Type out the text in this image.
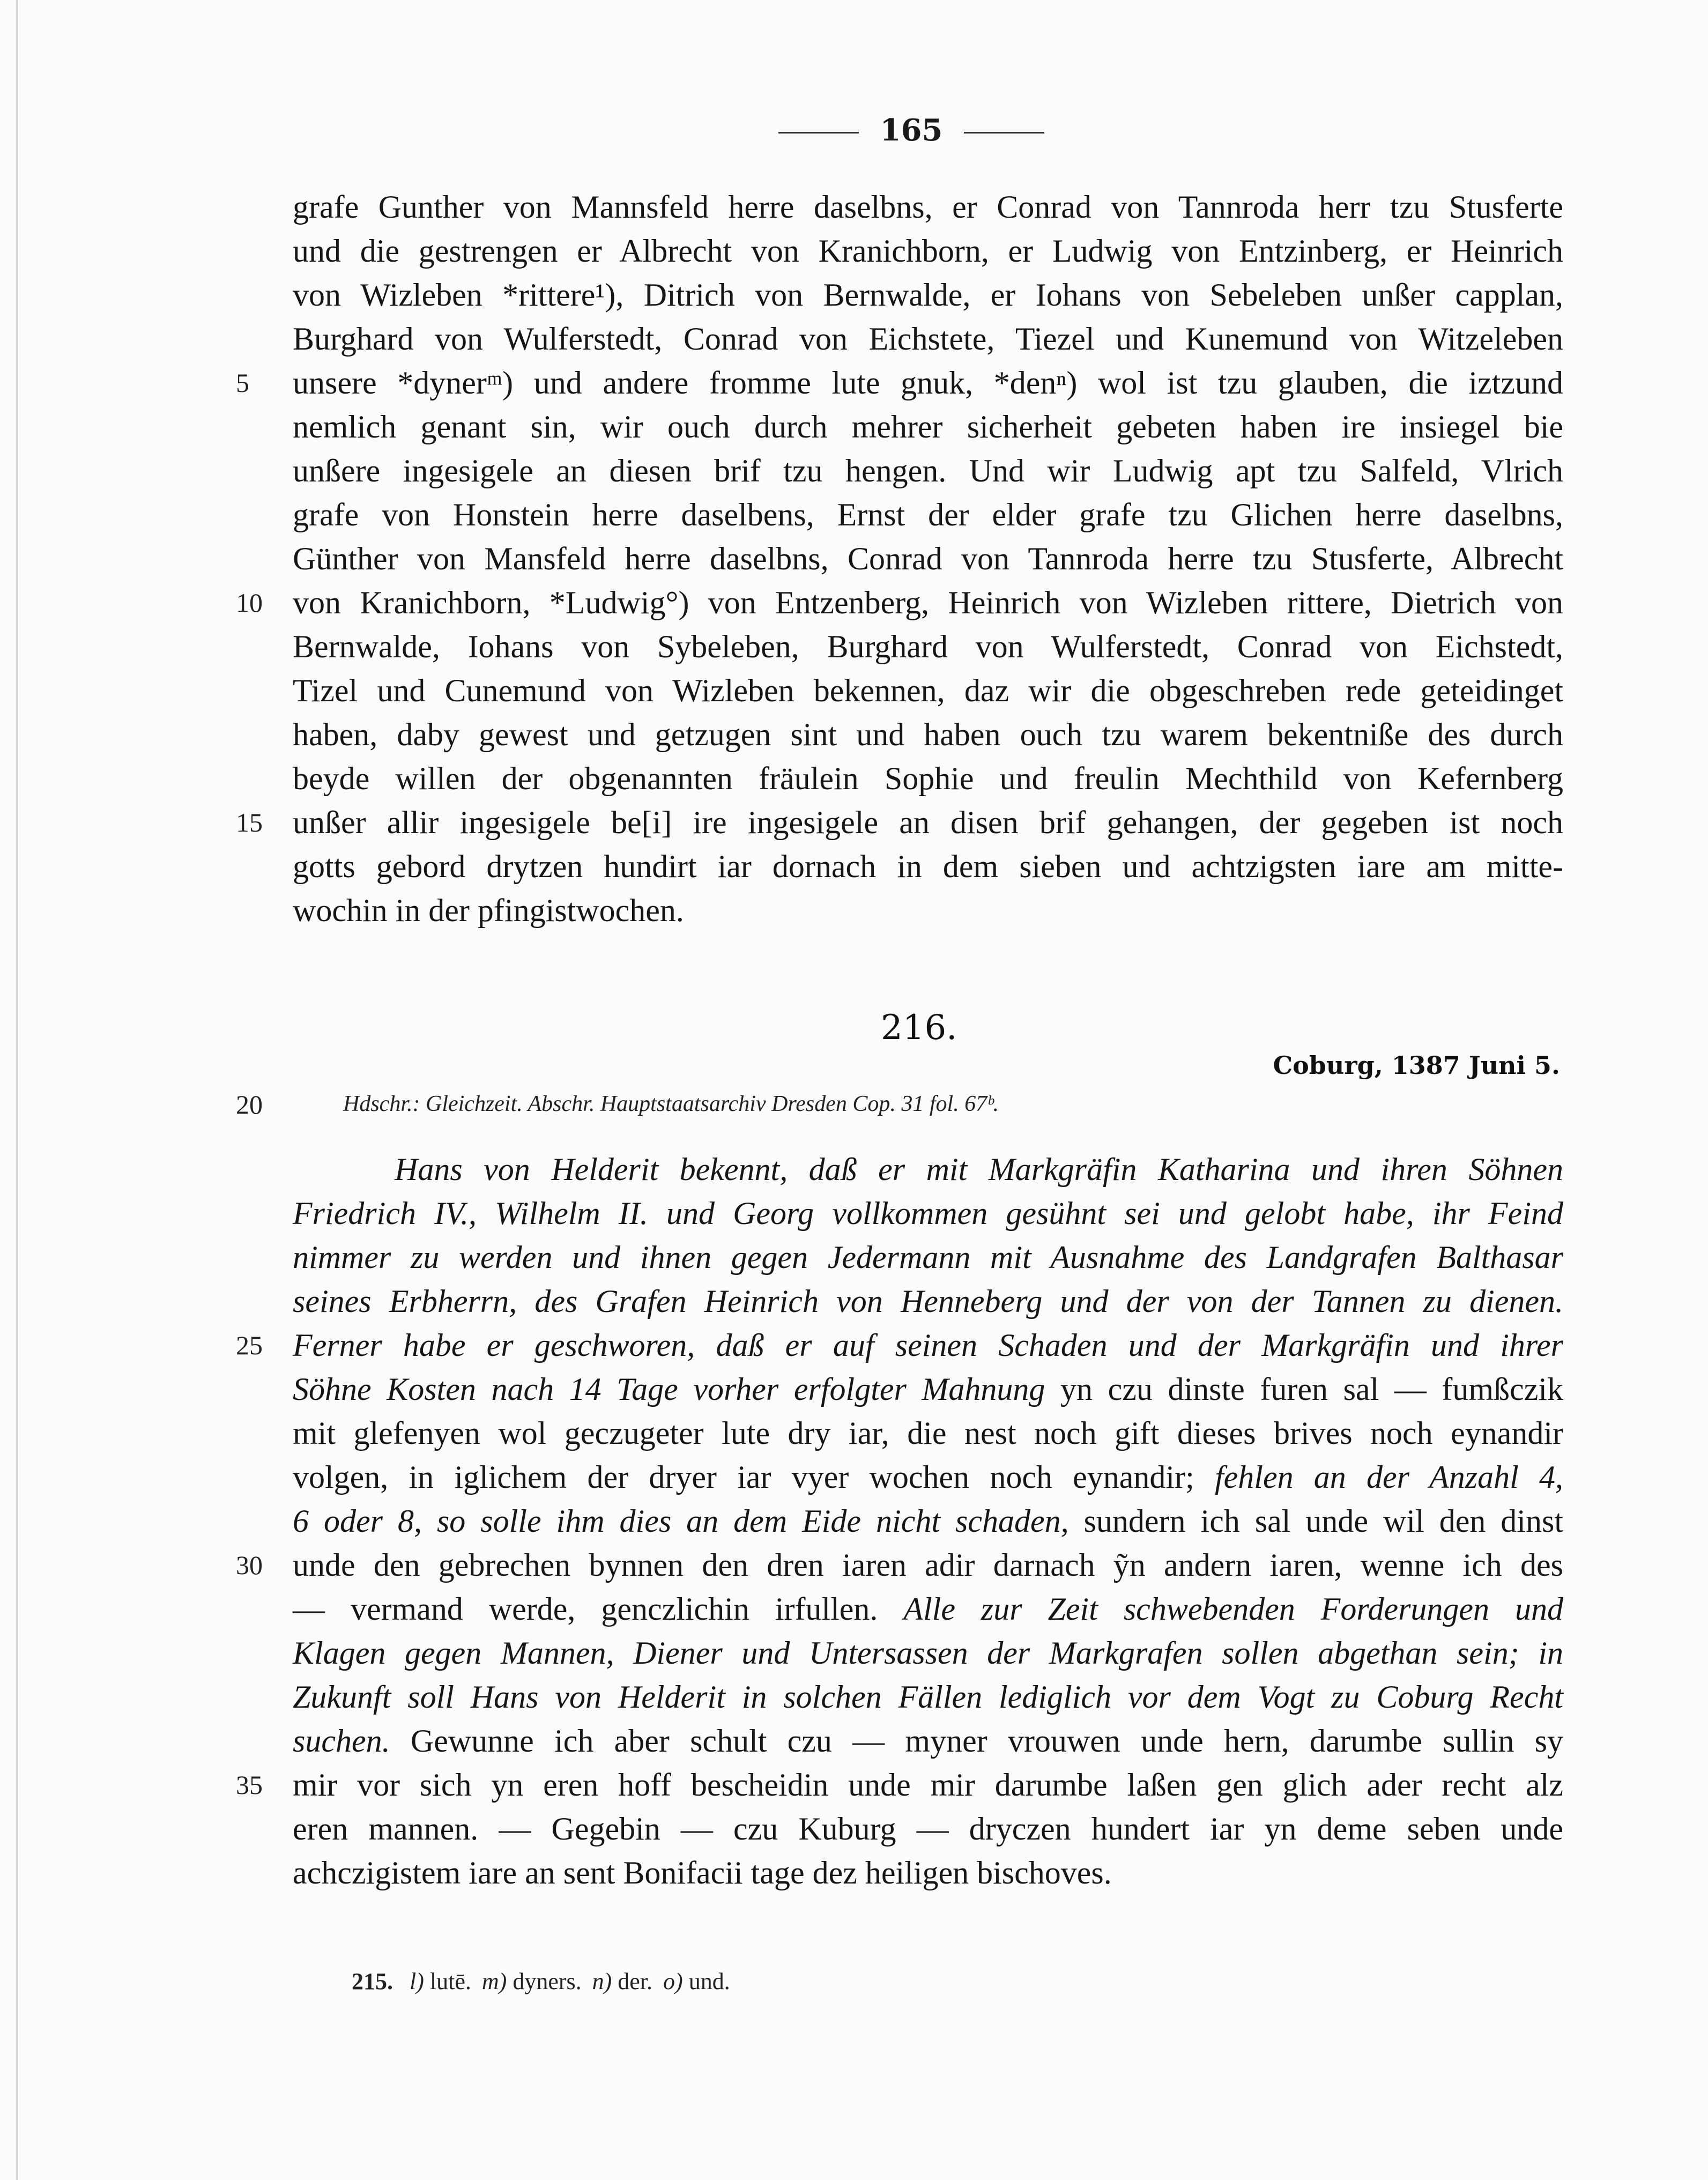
165
grafe Gunther von Mannsfeld herre daselbns, er Conrad von Tannroda herr tzu Stusferte
und die gestrengen er Albrecht von Kranichborn, er Ludwig von Entzinberg, er Heinrich
von Wizleben *rittere¹), Ditrich von Bernwalde, er Iohans von Sebeleben unßer capplan,
Burghard von Wulferstedt, Conrad von Eichstete, Tiezel und Kunemund von Witzeleben
unsere *dynerᵐ) und andere fromme lute gnuk, *denⁿ) wol ist tzu glauben, die iztzund
nemlich genant sin, wir ouch durch mehrer sicherheit gebeten haben ire insiegel bie
unßere ingesigele an diesen brif tzu hengen. Und wir Ludwig apt tzu Salfeld, Vlrich
grafe von Honstein herre daselbens, Ernst der elder grafe tzu Glichen herre daselbns,
Günther von Mansfeld herre daselbns, Conrad von Tannroda herre tzu Stusferte, Albrecht
von Kranichborn, *Ludwig°) von Entzenberg, Heinrich von Wizleben rittere, Dietrich von
Bernwalde, Iohans von Sybeleben, Burghard von Wulferstedt, Conrad von Eichstedt,
Tizel und Cunemund von Wizleben bekennen, daz wir die obgeschreben rede geteidinget
haben, daby gewest und getzugen sint und haben ouch tzu warem bekentniße des durch
beyde willen der obgenannten fräulein Sophie und freulin Mechthild von Kefernberg
unßer allir ingesigele be[i] ire ingesigele an disen brif gehangen, der gegeben ist noch
gotts gebord drytzen hundirt iar dornach in dem sieben und achtzigsten iare am mitte-
wochin in der pfingistwochen.
5
10
15
216.
Coburg, 1387 Juni 5.
20	Hdschr.: Gleichzeit. Abschr. Hauptstaatsarchiv Dresden Cop. 31 fol. 67ᵇ.
Hans von Helderit bekennt, daß er mit Markgräfin Katharina und ihren Söhnen
Friedrich IV., Wilhelm II. und Georg vollkommen gesühnt sei und gelobt habe, ihr Feind
nimmer zu werden und ihnen gegen Jedermann mit Ausnahme des Landgrafen Balthasar
seines Erbherrn, des Grafen Heinrich von Henneberg und der von der Tannen zu dienen.
Ferner habe er geschworen, daß er auf seinen Schaden und der Markgräfin und ihrer
Söhne Kosten nach 14 Tage vorher erfolgter Mahnung yn czu dinste furen sal — fumßczik
mit glefenyen wol geczugeter lute dry iar, die nest noch gift dieses brives noch eynandir
volgen, in iglichem der dryer iar vyer wochen noch eynandir; fehlen an der Anzahl 4,
6 oder 8, so solle ihm dies an dem Eide nicht schaden, sundern ich sal unde wil den dinst
unde den gebrechen bynnen den dren iaren adir darnach ỹn andern iaren, wenne ich des
— vermand werde, genczlichin irfullen. Alle zur Zeit schwebenden Forderungen und
Klagen gegen Mannen, Diener und Untersassen der Markgrafen sollen abgethan sein; in
Zukunft soll Hans von Helderit in solchen Fällen lediglich vor dem Vogt zu Coburg Recht
suchen. Gewunne ich aber schult czu — myner vrouwen unde hern, darumbe sullin sy
mir vor sich yn eren hoff bescheidin unde mir darumbe laßen gen glich ader recht alz
eren mannen. — Gegebin — czu Kuburg — dryczen hundert iar yn deme seben unde
achczigistem iare an sent Bonifacii tage dez heiligen bischoves.
25
30
35
215. l) lutē. m) dyners. n) der. o) und.
